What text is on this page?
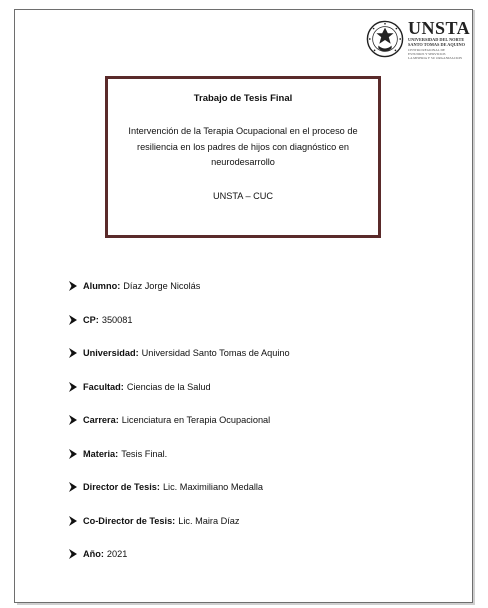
UNSTA
UNIVERSIDAD DEL NORTE
SANTO TOMAS DE AQUINO
CENTRO REGIONAL DE
ESTUDIOS Y SERVICIOS
LA MISERIA Y SU ORGANIZACION
Trabajo de Tesis Final
Intervención de la Terapia Ocupacional en el proceso de resiliencia en los padres de hijos con diagnóstico en neurodesarrollo
UNSTA – CUC
Alumno: Díaz Jorge Nicolás
CP: 350081
Universidad: Universidad Santo Tomas de Aquino
Facultad: Ciencias de la Salud
Carrera: Licenciatura en Terapia Ocupacional
Materia: Tesis Final.
Director de Tesis: Lic. Maximiliano Medalla
Co-Director de Tesis: Lic. Maira Díaz
Año: 2021
